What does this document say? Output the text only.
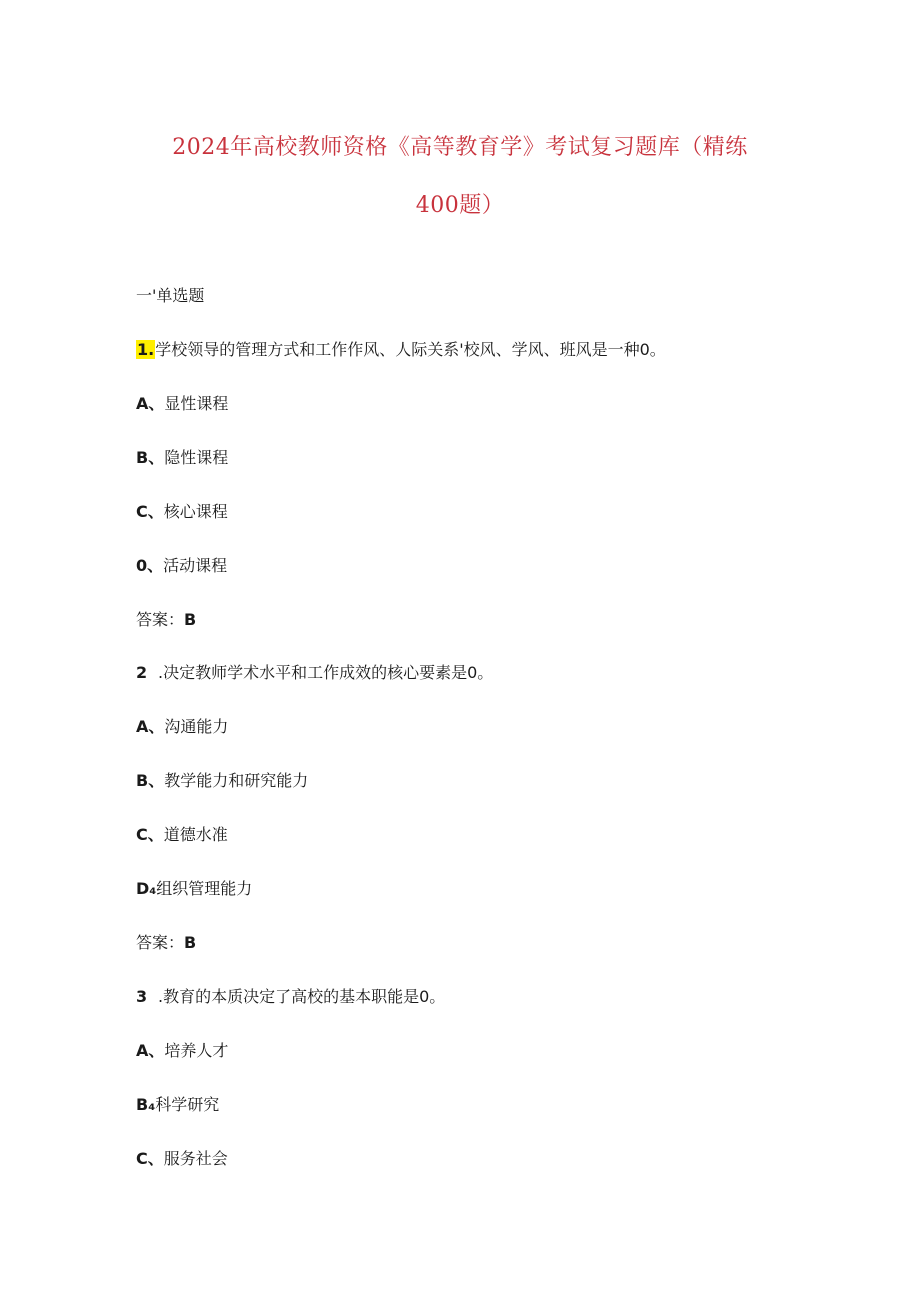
2024年高校教师资格《高等教育学》考试复习题库（精练
400题）
一'单选题
1.学校领导的管理方式和工作作风、人际关系'校风、学风、班风是一种0。
A、显性课程
B、隐性课程
C、核心课程
0、活动课程
答案：B
2 .决定教师学术水平和工作成效的核心要素是0。
A、沟通能力
B、教学能力和研究能力
C、道德水准
D₄组织管理能力
答案：B
3 .教育的本质决定了高校的基本职能是0。
A、培养人才
B₄科学研究
C、服务社会
